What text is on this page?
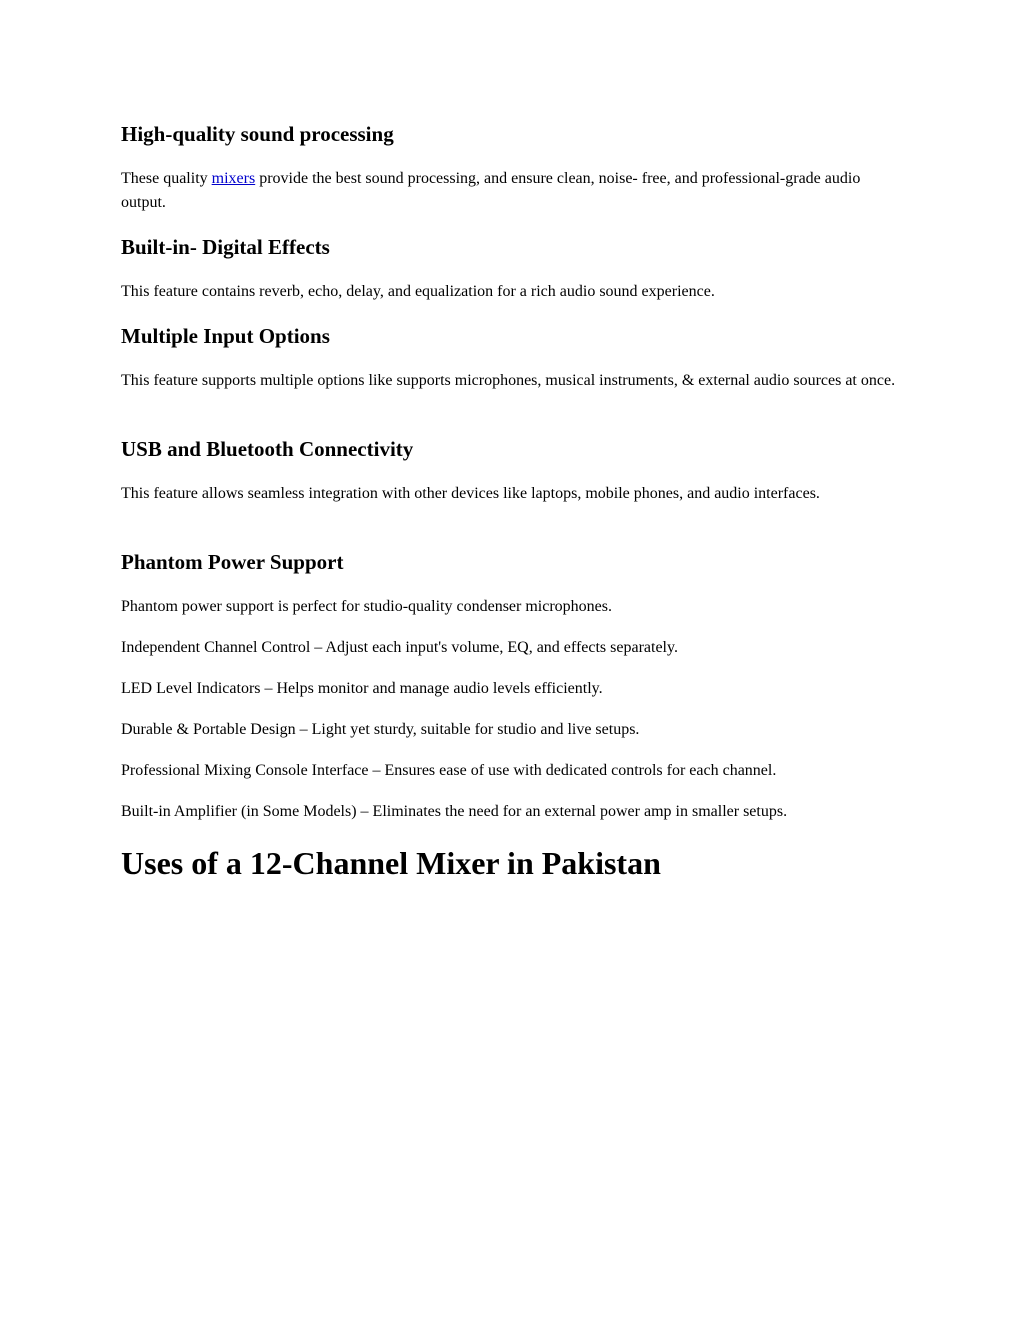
High-quality sound processing

These quality mixers provide the best sound processing, and ensure clean, noise- free, and professional-grade audio output.

Built-in- Digital Effects

This feature contains reverb, echo, delay, and equalization for a rich audio sound experience.

Multiple Input Options

This feature supports multiple options like supports microphones, musical instruments, & external audio sources at once.

USB and Bluetooth Connectivity

This feature allows seamless integration with other devices like laptops, mobile phones, and audio interfaces.

Phantom Power Support

Phantom power support is perfect for studio-quality condenser microphones.

Independent Channel Control – Adjust each input's volume, EQ, and effects separately.

LED Level Indicators – Helps monitor and manage audio levels efficiently.

Durable & Portable Design – Light yet sturdy, suitable for studio and live setups.

Professional Mixing Console Interface – Ensures ease of use with dedicated controls for each channel.

Built-in Amplifier (in Some Models) – Eliminates the need for an external power amp in smaller setups.

Uses of a 12-Channel Mixer in Pakistan
